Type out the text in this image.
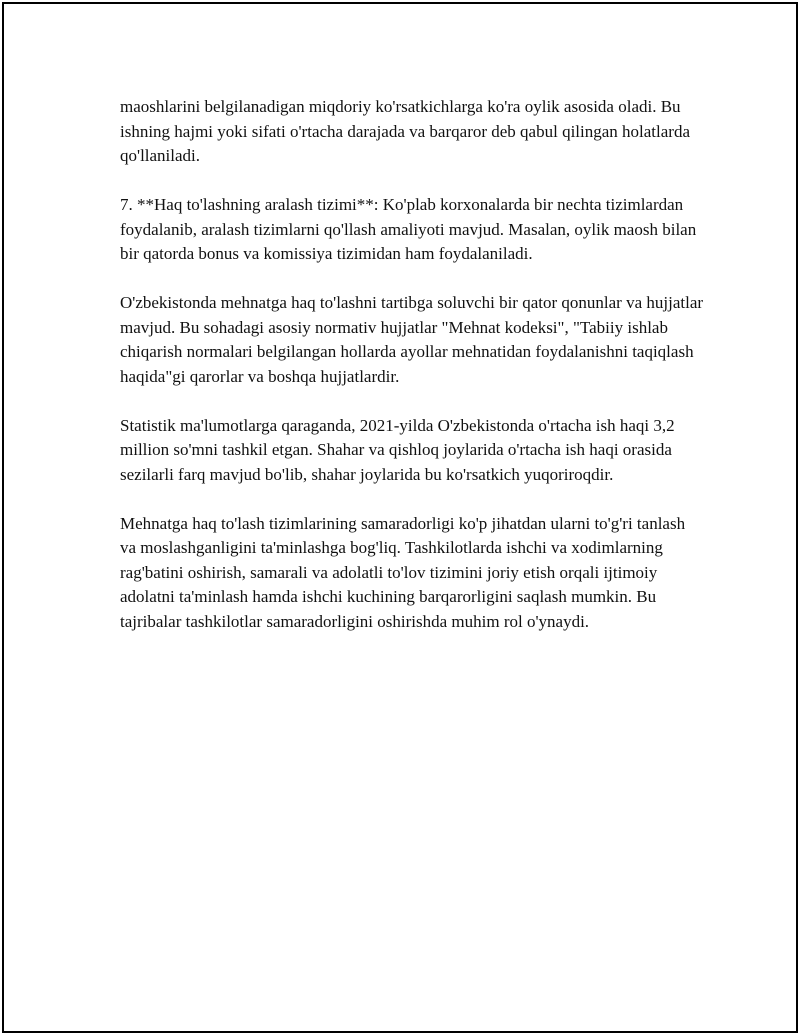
maoshlarini belgilanadigan miqdoriy ko'rsatkichlarga ko'ra oylik asosida oladi. Bu ishning hajmi yoki sifati o'rtacha darajada va barqaror deb qabul qilingan holatlarda qo'llaniladi.

7. **Haq to'lashning aralash tizimi**: Ko'plab korxonalarda bir nechta tizimlardan foydalanib, aralash tizimlarni qo'llash amaliyoti mavjud. Masalan, oylik maosh bilan bir qatorda bonus va komissiya tizimidan ham foydalaniladi.

O'zbekistonda mehnatga haq to'lashni tartibga soluvchi bir qator qonunlar va hujjatlar mavjud. Bu sohadagi asosiy normativ hujjatlar "Mehnat kodeksi", "Tabiiy ishlab chiqarish normalari belgilangan hollarda ayollar mehnatidan foydalanishni taqiqlash haqida"gi qarorlar va boshqa hujjatlardir.

Statistik ma'lumotlarga qaraganda, 2021-yilda O'zbekistonda o'rtacha ish haqi 3,2 million so'mni tashkil etgan. Shahar va qishloq joylarida o'rtacha ish haqi orasida sezilarli farq mavjud bo'lib, shahar joylarida bu ko'rsatkich yuqoriroqdir.

Mehnatga haq to'lash tizimlarining samaradorligi ko'p jihatdan ularni to'g'ri tanlash va moslashganligini ta'minlashga bog'liq. Tashkilotlarda ishchi va xodimlarning rag'batini oshirish, samarali va adolatli to'lov tizimini joriy etish orqali ijtimoiy adolatni ta'minlash hamda ishchi kuchining barqarorligini saqlash mumkin. Bu tajribalar tashkilotlar samaradorligini oshirishda muhim rol o'ynaydi.
